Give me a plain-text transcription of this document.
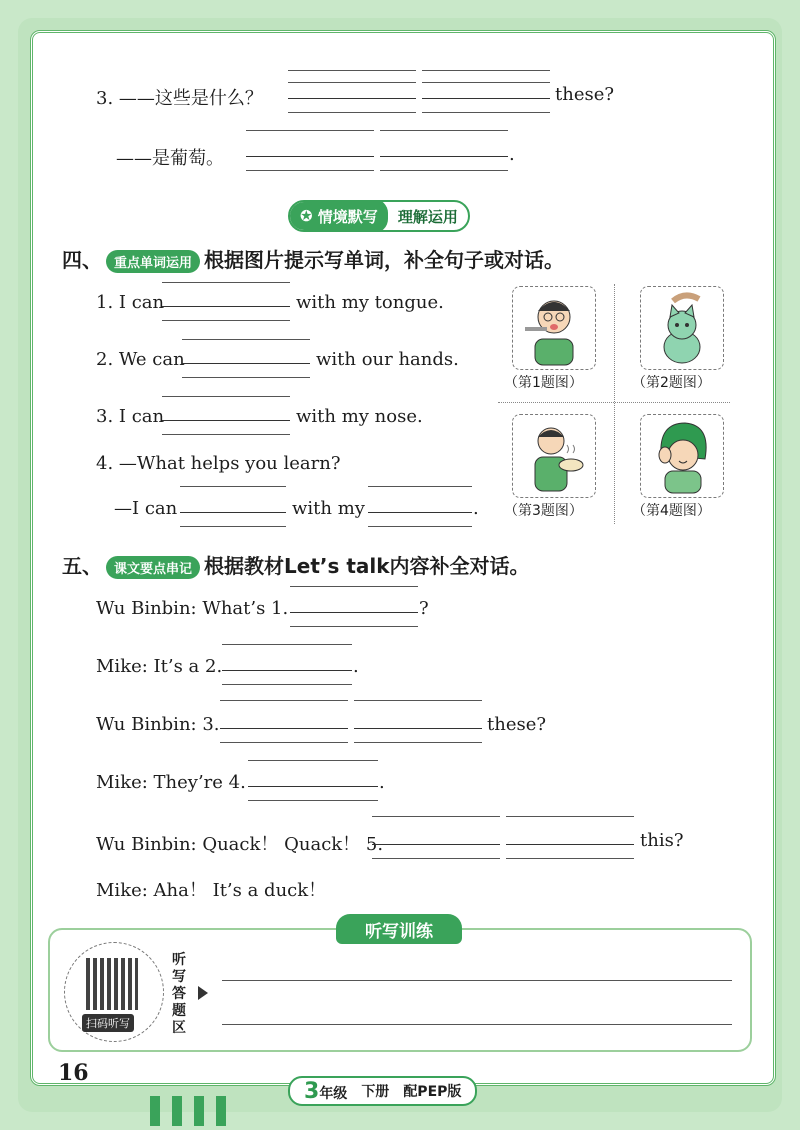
3. ——这些是什么？	these?
——是葡萄。	.
✪ 情境默写	理解运用
四、 重点单词运用 根据图片提示写单词，补全句子或对话。
1. I can	with my tongue.
2. We can	with our hands.
3. I can	with my nose.
4. —What helps you learn?
—I can	with my	.
（第1题图）	（第2题图）
（第3题图）	（第4题图）
五、 课文要点串记 根据教材Let’s talk内容补全对话。
Wu Binbin: What’s 1.	?
Mike: It’s a 2.	.
Wu Binbin: 3.	these?
Mike: They’re 4.	.
Wu Binbin: Quack！ Quack！ 5.	this?
Mike: Aha！ It’s a duck！
听写训练
扫码听写
听写答题区
16
3年级 下册 配PEP版
